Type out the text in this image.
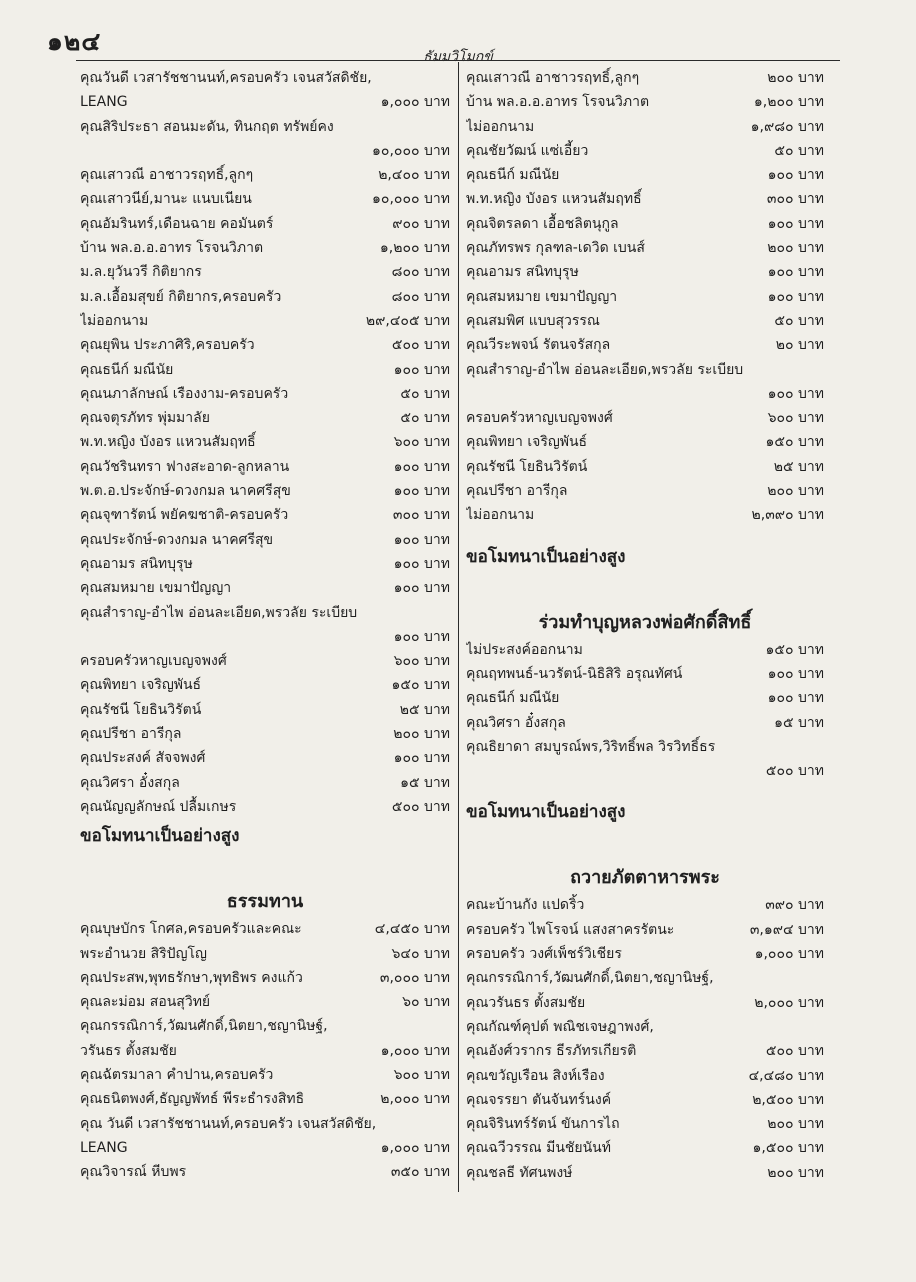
๑๒๔
ธัมมวิโมกข์
คุณวันดี เวสารัชชานนท์,ครอบครัว เจนสวัสดิชัย,
LEANG	๑,๐๐๐ บาท
คุณสิริประธา สอนมะดัน, ทินกฤต ทรัพย์คง
๑๐,๐๐๐ บาท
คุณเสาวณี อาชาวรฤทธิ์,ลูกๆ	๒,๔๐๐ บาท
คุณเสาวนีย์,มานะ แนบเนียน	๑๐,๐๐๐ บาท
คุณอัมรินทร์,เดือนฉาย คอมันตร์	๙๐๐ บาท
บ้าน พล.อ.อ.อาทร โรจนวิภาต	๑,๒๐๐ บาท
ม.ล.ยุวันวรี กิติยากร	๘๐๐ บาท
ม.ล.เอื้อมสุขย์ กิติยากร,ครอบครัว	๘๐๐ บาท
ไม่ออกนาม	๒๙,๔๐๕ บาท
คุณยุพิน ประภาศิริ,ครอบครัว	๕๐๐ บาท
คุณธนีก์ มณีนัย	๑๐๐ บาท
คุณนภาลักษณ์ เรืองงาม-ครอบครัว	๕๐ บาท
คุณจตุรภัทร พุ่มมาลัย	๕๐ บาท
พ.ท.หญิง บังอร แหวนสัมฤทธิ์	๖๐๐ บาท
คุณวัชรินทรา ฟางสะอาด-ลูกหลาน	๑๐๐ บาท
พ.ต.อ.ประจักษ์-ดวงกมล นาคศรีสุข	๑๐๐ บาท
คุณจุฑารัตน์ พยัคฆชาติ-ครอบครัว	๓๐๐ บาท
คุณประจักษ์-ดวงกมล นาคศรีสุข	๑๐๐ บาท
คุณอามร สนิทบุรุษ	๑๐๐ บาท
คุณสมหมาย เขมาปัญญา	๑๐๐ บาท
คุณสำราญ-อำไพ อ่อนละเอียด,พรวลัย ระเบียบ
๑๐๐ บาท
ครอบครัวหาญเบญจพงศ์	๖๐๐ บาท
คุณพิทยา เจริญพันธ์	๑๕๐ บาท
คุณรัชนี โยธินวิรัตน์	๒๕ บาท
คุณปรีชา อารีกุล	๒๐๐ บาท
คุณประสงค์ สัจจพงศ์	๑๐๐ บาท
คุณวิศรา อั๋งสกุล	๑๕ บาท
คุณนัญญลักษณ์ ปลื้มเกษร	๕๐๐ บาท
ขอโมทนาเป็นอย่างสูง
ธรรมทาน
คุณบุษบักร โกศล,ครอบครัวและคณะ	๔,๔๕๐ บาท
พระอำนวย สิริปัญโญ	๖๔๐ บาท
คุณประสพ,พุทธรักษา,พุทธิพร คงแก้ว	๓,๐๐๐ บาท
คุณละม่อม สอนสุวิทย์	๖๐ บาท
คุณกรรณิการ์,วัฒนศักดิ์,นิตยา,ชญานิษฐ์,
วรันธร ตั้งสมชัย	๑,๐๐๐ บาท
คุณฉัตรมาลา คำปาน,ครอบครัว	๖๐๐ บาท
คุณธนิตพงศ์,ธัญญพัทธ์ พีระธำรงสิทธิ	๒,๐๐๐ บาท
คุณ วันดี เวสารัชชานนท์,ครอบครัว เจนสวัสดิชัย,
LEANG	๑,๐๐๐ บาท
คุณวิจารณ์ หีบพร	๓๕๐ บาท
คุณเสาวณี อาชาวรฤทธิ์,ลูกๆ	๒๐๐ บาท
บ้าน พล.อ.อ.อาทร โรจนวิภาต	๑,๒๐๐ บาท
ไม่ออกนาม	๑,๙๘๐ บาท
คุณชัยวัฒน์ แซ่เอี้ยว	๕๐ บาท
คุณธนีก์ มณีนัย	๑๐๐ บาท
พ.ท.หญิง บังอร แหวนสัมฤทธิ์	๓๐๐ บาท
คุณจิตรลดา เอื้อชลิตนุกูล	๑๐๐ บาท
คุณภัทรพร กุลฑล-เดวิด เบนส์	๒๐๐ บาท
คุณอามร สนิทบุรุษ	๑๐๐ บาท
คุณสมหมาย เขมาปัญญา	๑๐๐ บาท
คุณสมพิศ แบบสุวรรณ	๕๐ บาท
คุณวีระพจน์ รัตนจรัสกุล	๒๐ บาท
คุณสำราญ-อำไพ อ่อนละเอียด,พรวลัย ระเบียบ
๑๐๐ บาท
ครอบครัวหาญเบญจพงศ์	๖๐๐ บาท
คุณพิทยา เจริญพันธ์	๑๕๐ บาท
คุณรัชนี โยธินวิรัตน์	๒๕ บาท
คุณปรีชา อารีกุล	๒๐๐ บาท
ไม่ออกนาม	๒,๓๙๐ บาท
ขอโมทนาเป็นอย่างสูง
ร่วมทำบุญหลวงพ่อศักดิ์สิทธิ์
ไม่ประสงค์ออกนาม	๑๕๐ บาท
คุณฤทพนธ์-นวรัตน์-นิธิสิริ อรุณทัศน์	๑๐๐ บาท
คุณธนีก์ มณีนัย	๑๐๐ บาท
คุณวิศรา อั๋งสกุล	๑๕ บาท
คุณธิยาดา สมบูรณ์พร,วิริทธิ์พล วิรวิทธิ์ธร
๕๐๐ บาท
ขอโมทนาเป็นอย่างสูง
ถวายภัตตาหารพระ
คณะบ้านกัง แปดริ้ว	๓๙๐ บาท
ครอบครัว ไพโรจน์ แสงสาครรัตนะ	๓,๑๙๔ บาท
ครอบครัว วงศ์เพ็ชร์วิเชียร	๑,๐๐๐ บาท
คุณกรรณิการ์,วัฒนศักดิ์,นิตยา,ชญานิษฐ์,
คุณวรันธร ตั้งสมชัย	๒,๐๐๐ บาท
คุณกัณฑ์คุปต์ พณิชเจษฎาพงศ์,
คุณอังศ์วรากร ธีรภัทรเกียรติ	๕๐๐ บาท
คุณขวัญเรือน สิงห์เรือง	๔,๔๘๐ บาท
คุณจรรยา ตันจันทร์นงค์	๒,๕๐๐ บาท
คุณจิรินทร์รัตน์ ขันการไถ	๒๐๐ บาท
คุณฉวีวรรณ มีนชัยนันท์	๑,๕๐๐ บาท
คุณชลธี ทัศนพงษ์	๒๐๐ บาท
